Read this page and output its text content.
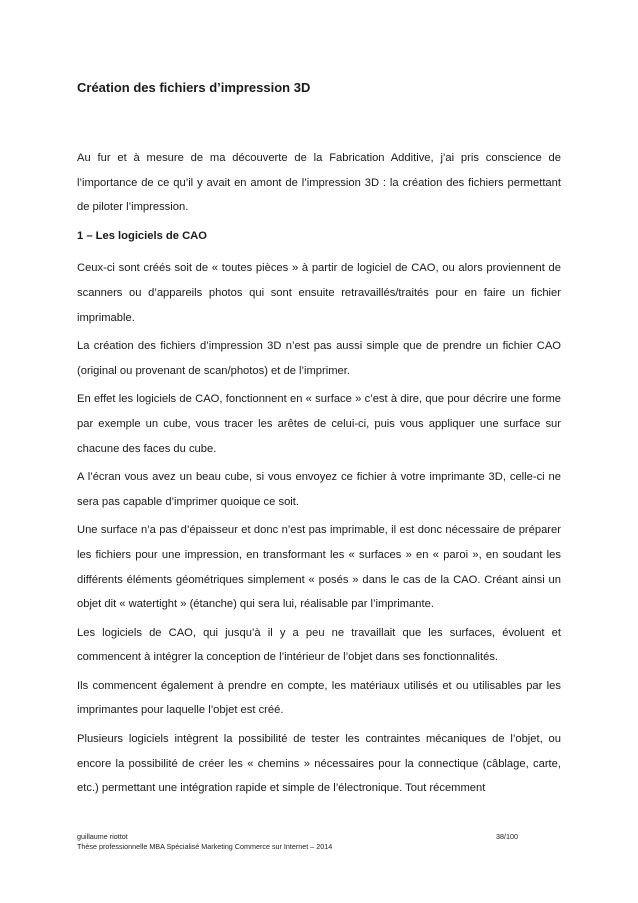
Création des fichiers d’impression 3D

Au fur et à mesure de ma découverte de la Fabrication Additive, j’ai pris conscience de l’importance de ce qu’il y avait en amont de l’impression 3D : la création des fichiers permettant de piloter l’impression.

1 – Les logiciels de CAO

Ceux-ci sont créés soit de « toutes pièces » à partir de logiciel de CAO, ou alors proviennent de scanners ou d’appareils photos qui sont ensuite retravaillés/traités pour en faire un fichier imprimable.

La création des fichiers d’impression 3D n’est pas aussi simple que de prendre un fichier CAO (original ou provenant de scan/photos) et de l’imprimer.

En effet les logiciels de CAO, fonctionnent en « surface » c’est à dire, que pour décrire une forme par exemple un cube, vous tracer les arêtes de celui-ci, puis vous appliquer une surface sur chacune des faces du cube.

A l’écran vous avez un beau cube, si vous envoyez ce fichier à votre imprimante 3D, celle-ci ne sera pas capable d’imprimer quoique ce soit.

Une surface n’a pas d’épaisseur et donc n’est pas imprimable, il est donc nécessaire de préparer les fichiers pour une impression, en transformant les « surfaces » en « paroi », en soudant les différents éléments géométriques simplement « posés » dans le cas de la CAO. Créant ainsi un objet dit « watertight » (étanche) qui sera lui, réalisable par l’imprimante.

Les logiciels de CAO, qui jusqu’à il y a peu ne travaillait que les surfaces, évoluent et commencent à intégrer la conception de l’intérieur de l’objet dans ses fonctionnalités.

Ils commencent également à prendre en compte, les matériaux utilisés et ou utilisables par les imprimantes pour laquelle l’objet est créé.

Plusieurs logiciels intègrent la possibilité de tester les contraintes mécaniques de l’objet, ou encore la possibilité de créer les « chemins » nécessaires pour la connectique (câblage, carte, etc.) permettant une intégration rapide et simple de l’électronique. Tout récemment

guillaume riottot	38/100
Thèse professionnelle MBA Spécialisé Marketing Commerce sur Internet – 2014
